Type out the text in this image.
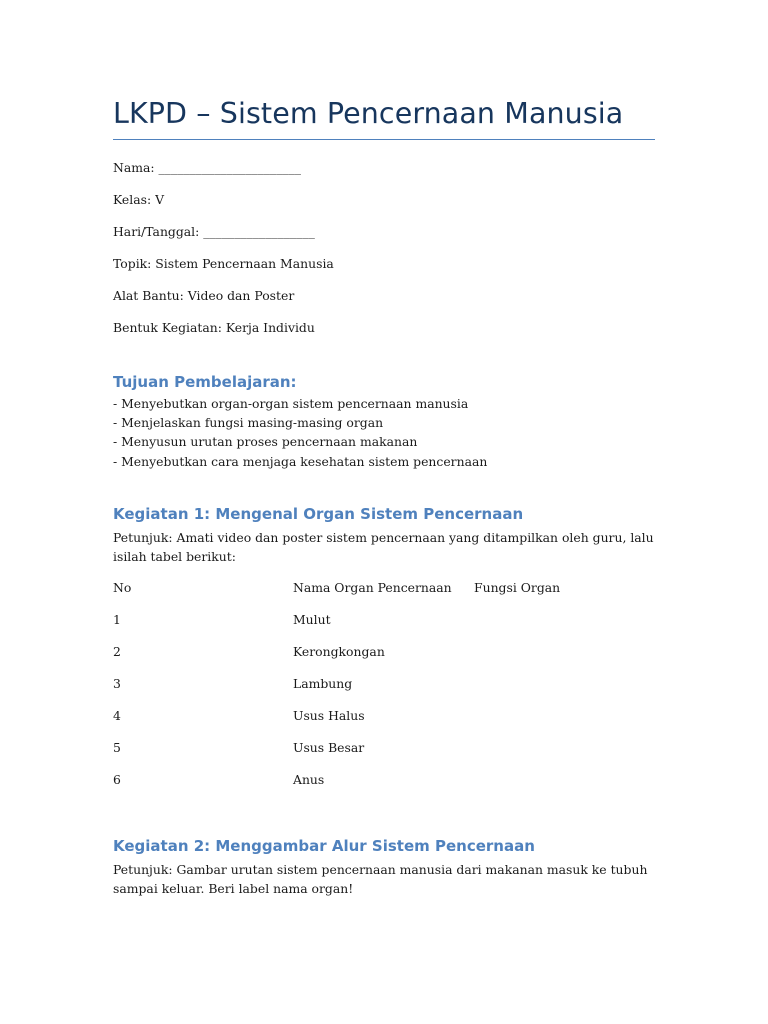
LKPD – Sistem Pencernaan Manusia
Nama: _______________________
Kelas: V
Hari/Tanggal: __________________
Topik: Sistem Pencernaan Manusia
Alat Bantu: Video dan Poster
Bentuk Kegiatan: Kerja Individu
Tujuan Pembelajaran:
- Menyebutkan organ-organ sistem pencernaan manusia
- Menjelaskan fungsi masing-masing organ
- Menyusun urutan proses pencernaan makanan
- Menyebutkan cara menjaga kesehatan sistem pencernaan
Kegiatan 1: Mengenal Organ Sistem Pencernaan
Petunjuk: Amati video dan poster sistem pencernaan yang ditampilkan oleh guru, lalu isilah tabel berikut:
No	Nama Organ Pencernaan Fungsi Organ
1	Mulut
2	Kerongkongan
3	Lambung
4	Usus Halus
5	Usus Besar
6	Anus
Kegiatan 2: Menggambar Alur Sistem Pencernaan
Petunjuk: Gambar urutan sistem pencernaan manusia dari makanan masuk ke tubuh sampai keluar. Beri label nama organ!
